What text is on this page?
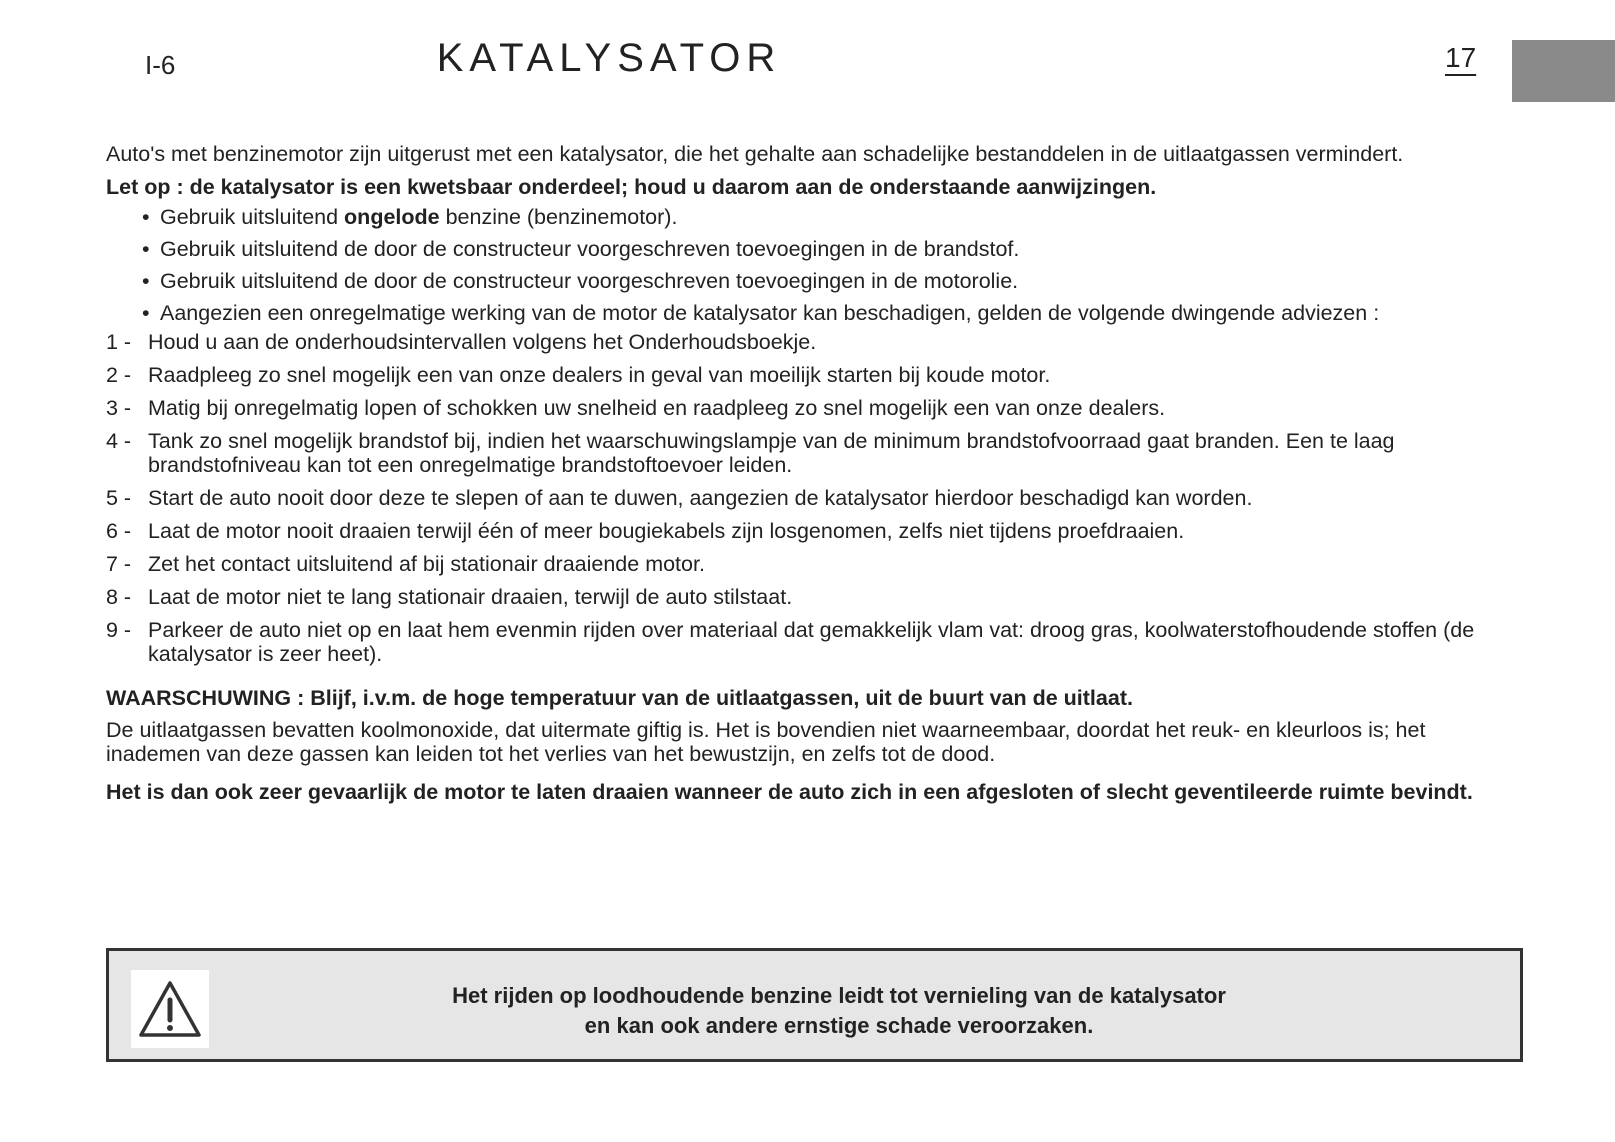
I-6	KATALYSATOR	17

Auto's met benzinemotor zijn uitgerust met een katalysator, die het gehalte aan schadelijke bestanddelen in de uitlaatgassen vermindert.

Let op : de katalysator is een kwetsbaar onderdeel; houd u daarom aan de onderstaande aanwijzingen.

• Gebruik uitsluitend ongelode benzine (benzinemotor).
• Gebruik uitsluitend de door de constructeur voorgeschreven toevoegingen in de brandstof.
• Gebruik uitsluitend de door de constructeur voorgeschreven toevoegingen in de motorolie.
• Aangezien een onregelmatige werking van de motor de katalysator kan beschadigen, gelden de volgende dwingende adviezen :
1 - Houd u aan de onderhoudsintervallen volgens het Onderhoudsboekje.
2 - Raadpleeg zo snel mogelijk een van onze dealers in geval van moeilijk starten bij koude motor.
3 - Matig bij onregelmatig lopen of schokken uw snelheid en raadpleeg zo snel mogelijk een van onze dealers.
4 - Tank zo snel mogelijk brandstof bij, indien het waarschuwingslampje van de minimum brandstofvoorraad gaat branden. Een te laag brandstofniveau kan tot een onregelmatige brandstoftoevoer leiden.
5 - Start de auto nooit door deze te slepen of aan te duwen, aangezien de katalysator hierdoor beschadigd kan worden.
6 - Laat de motor nooit draaien terwijl één of meer bougiekabels zijn losgenomen, zelfs niet tijdens proefdraaien.
7 - Zet het contact uitsluitend af bij stationair draaiende motor.
8 - Laat de motor niet te lang stationair draaien, terwijl de auto stilstaat.
9 - Parkeer de auto niet op en laat hem evenmin rijden over materiaal dat gemakkelijk vlam vat: droog gras, koolwaterstofhoudende stoffen (de katalysator is zeer heet).

WAARSCHUWING : Blijf, i.v.m. de hoge temperatuur van de uitlaatgassen, uit de buurt van de uitlaat.

De uitlaatgassen bevatten koolmonoxide, dat uitermate giftig is. Het is bovendien niet waarneembaar, doordat het reuk- en kleurloos is; het inademen van deze gassen kan leiden tot het verlies van het bewustzijn, en zelfs tot de dood.

Het is dan ook zeer gevaarlijk de motor te laten draaien wanneer de auto zich in een afgesloten of slecht geventileerde ruimte bevindt.

Het rijden op loodhoudende benzine leidt tot vernieling van de katalysator
en kan ook andere ernstige schade veroorzaken.
